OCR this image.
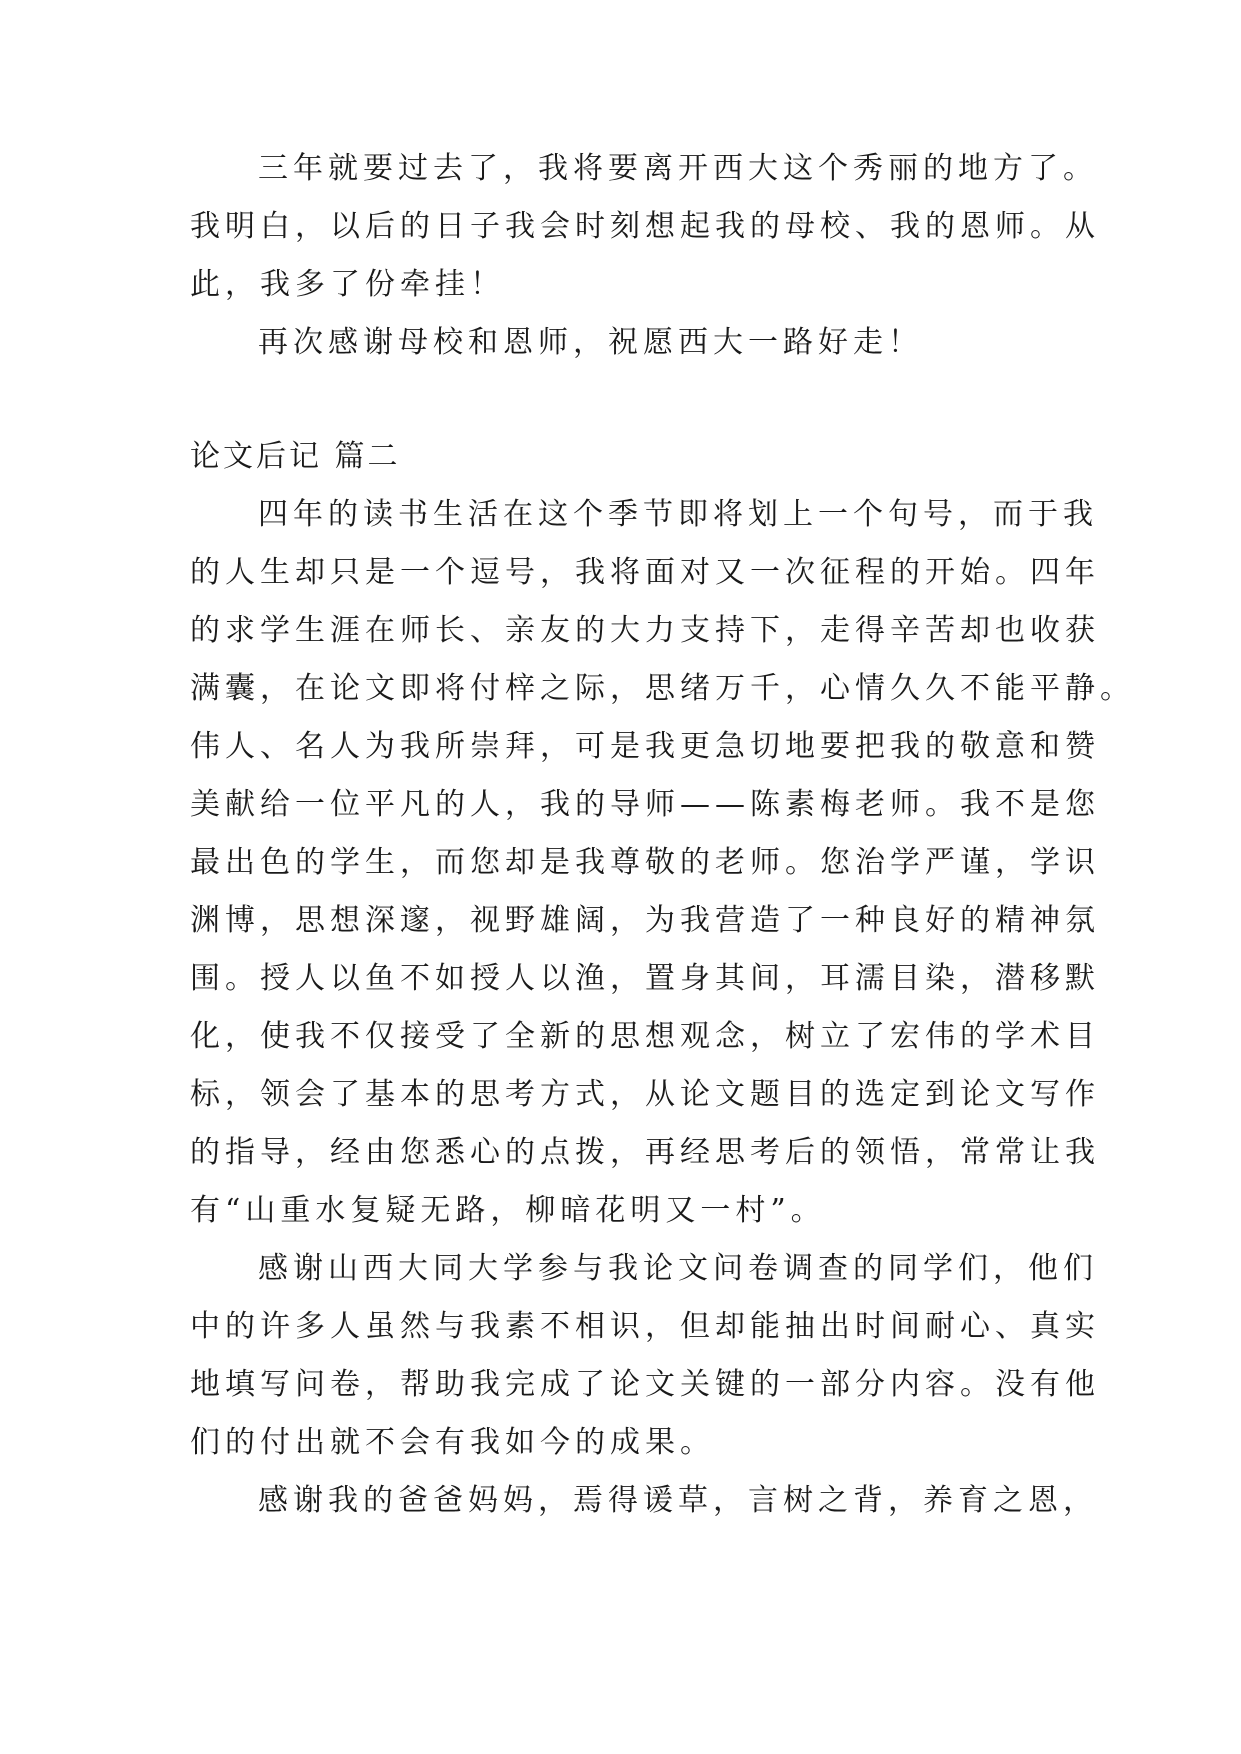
三年就要过去了，我将要离开西大这个秀丽的地方了。
我明白，以后的日子我会时刻想起我的母校、我的恩师。从
此，我多了份牵挂！
再次感谢母校和恩师，祝愿西大一路好走！
论文后记 篇二
四年的读书生活在这个季节即将划上一个句号，而于我
的人生却只是一个逗号，我将面对又一次征程的开始。四年
的求学生涯在师长、亲友的大力支持下，走得辛苦却也收获
满囊，在论文即将付梓之际，思绪万千，心情久久不能平静。
伟人、名人为我所崇拜，可是我更急切地要把我的敬意和赞
美献给一位平凡的人，我的导师——陈素梅老师。我不是您
最出色的学生，而您却是我尊敬的老师。您治学严谨，学识
渊博，思想深邃，视野雄阔，为我营造了一种良好的精神氛
围。授人以鱼不如授人以渔，置身其间，耳濡目染，潜移默
化，使我不仅接受了全新的思想观念，树立了宏伟的学术目
标，领会了基本的思考方式，从论文题目的选定到论文写作
的指导，经由您悉心的点拨，再经思考后的领悟，常常让我
有“山重水复疑无路，柳暗花明又一村”。
感谢山西大同大学参与我论文问卷调查的同学们，他们
中的许多人虽然与我素不相识，但却能抽出时间耐心、真实
地填写问卷，帮助我完成了论文关键的一部分内容。没有他
们的付出就不会有我如今的成果。
感谢我的爸爸妈妈，焉得谖草，言树之背，养育之恩，
